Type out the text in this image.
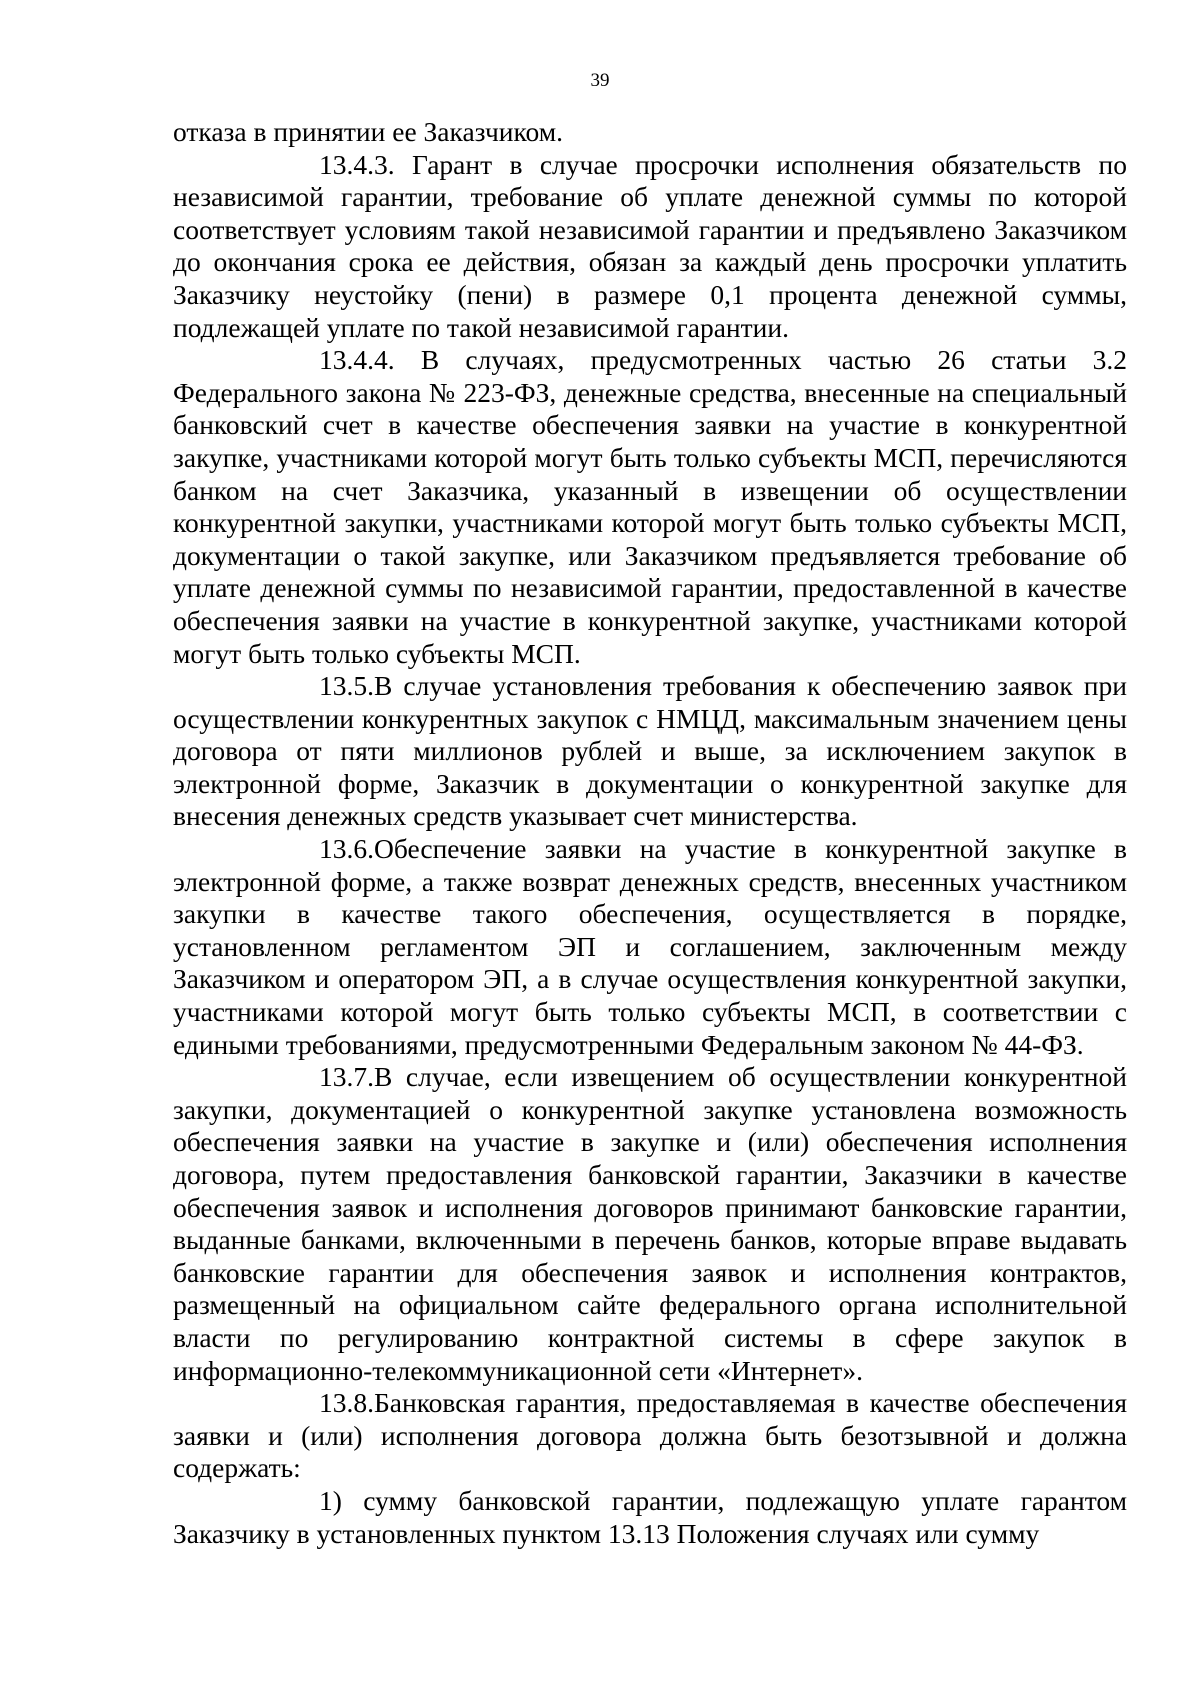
39

отказа в принятии ее Заказчиком.

13.4.3. Гарант в случае просрочки исполнения обязательств по независимой гарантии, требование об уплате денежной суммы по которой соответствует условиям такой независимой гарантии и предъявлено Заказчиком до окончания срока ее действия, обязан за каждый день просрочки уплатить Заказчику неустойку (пени) в размере 0,1 процента денежной суммы, подлежащей уплате по такой независимой гарантии.

13.4.4. В случаях, предусмотренных частью 26 статьи 3.2 Федерального закона № 223-ФЗ, денежные средства, внесенные на специальный банковский счет в качестве обеспечения заявки на участие в конкурентной закупке, участниками которой могут быть только субъекты МСП, перечисляются банком на счет Заказчика, указанный в извещении об осуществлении конкурентной закупки, участниками которой могут быть только субъекты МСП, документации о такой закупке, или Заказчиком предъявляется требование об уплате денежной суммы по независимой гарантии, предоставленной в качестве обеспечения заявки на участие в конкурентной закупке, участниками которой могут быть только субъекты МСП.

13.5.В случае установления требования к обеспечению заявок при осуществлении конкурентных закупок с НМЦД, максимальным значением цены договора от пяти миллионов рублей и выше, за исключением закупок в электронной форме, Заказчик в документации о конкурентной закупке для внесения денежных средств указывает счет министерства.

13.6.Обеспечение заявки на участие в конкурентной закупке в электронной форме, а также возврат денежных средств, внесенных участником закупки в качестве такого обеспечения, осуществляется в порядке, установленном регламентом ЭП и соглашением, заключенным между Заказчиком и оператором ЭП, а в случае осуществления конкурентной закупки, участниками которой могут быть только субъекты МСП, в соответствии с едиными требованиями, предусмотренными Федеральным законом № 44-ФЗ.

13.7.В случае, если извещением об осуществлении конкурентной закупки, документацией о конкурентной закупке установлена возможность обеспечения заявки на участие в закупке и (или) обеспечения исполнения договора, путем предоставления банковской гарантии, Заказчики в качестве обеспечения заявок и исполнения договоров принимают банковские гарантии, выданные банками, включенными в перечень банков, которые вправе выдавать банковские гарантии для обеспечения заявок и исполнения контрактов, размещенный на официальном сайте федерального органа исполнительной власти по регулированию контрактной системы в сфере закупок в информационно-телекоммуникационной сети «Интернет».

13.8.Банковская гарантия, предоставляемая в качестве обеспечения заявки и (или) исполнения договора должна быть безотзывной и должна содержать:

1) сумму банковской гарантии, подлежащую уплате гарантом Заказчику в установленных пунктом 13.13 Положения случаях или сумму
